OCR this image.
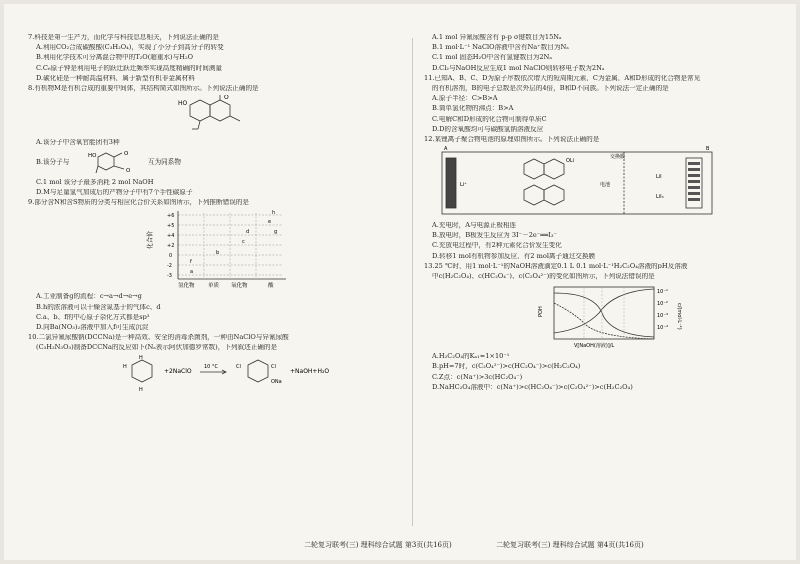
7.科技是第一生产力，而化学与科技息息相关，下列说法正确的是
A.利用CO₂合成碳酸酸(C₃H₂O₄)，实现了小分子到高分子的转变
B.利用化学技术可分离混合物中的T₂O(超重水)与H₂O
C.C₆原子钟是利用电子的跃迁跃迁频率实现高度精确的时间测量
D.碳化硅是一种耐高温材料，属于新型有机非金属材料
8.有机物M是有机合成的重要中间体，其结构简式如图所示。下列说法正确的是
HO
O
A.该分子中含氧官能团有3种
B.该分子与
HO	O
O
互为同系物
C.1 mol 该分子最多消耗 2 mol NaOH
D.M与足量氢气加成后的产物分子中有7个手性碳原子
9.部分含N和含S物质的分类与相应化合价关系如图所示，下列推断错误的是
化合价
+6
+5
+4
+2
0
-2
-3
氢化物 单质 氧化物	酸
a
b
c
d
e
f
g
h
A.工业制备g的流程：c→a→d→e→g
B.h的浓溶液可以干燥含氮基于的气体c、d
C.a、b、f的中心原子杂化方式都是sp³
D.向Ba(NO₃)₂溶液中加入f可生成沉淀
10.二氯异氰尿酸钠(DCCNa)是一种高效、安全的消毒杀菌剂，一种由NaClO与异氰尿酸
(C₃H₃N₃O₃)制备DCCNa的反应如下(Nₐ表示阿伏加德罗常数)，下列叙述正确的是
H
H
H
+2NaClO
10 °C	Cl	Cl
ONa
+NaOH+H₂O
A.1 mol 异氰尿酸含有 p-p σ键数目为15Nₐ
B.1 mol·L⁻¹ NaClO溶液中含有Na⁺数目为Nₐ
C.1 mol 固态H₂O中含有氢键数目为2Nₐ
D.Cl₂与NaOH反应生成1 mol NaClO则转移电子数为2Nₐ
11.已知A、B、C、D为原子序数依次增大的短周期元素，C为金属，A和D形成的化合物是常见
的有机溶剂，B的电子总数是次外层的4倍，B和D不同族。下列说法一定正确的是
A.原子半径：C>B>A
B.简单氢化物的沸点：B>A
C.电解C和D形成的化合物可制得单质C
D.D的含氧酸均可与碳酸氢钠溶液反应
12.某锂离子聚合物电池的原理如图所示。下列说法正确的是
A	B
交换膜
OLi
Li⁺	电池
LiI
LiI₃
A.充电时，A与电源正极相连
B.放电时，B极发生反应为 3I⁻－2e⁻══I₃⁻
C.充放电过程中，有2种元素化合价发生变化
D.转移1 mol有机物参加反应，有2 mol离子通过交换膜
13.25 ℃时，用1 mol·L⁻¹的NaOH溶液滴定0.1 L 0.1 mol·L⁻¹H₂C₂O₄溶液的pH及溶液
中c(H₂C₂O₄)、c(HC₂O₄⁻)、c(C₂O₄²⁻)的变化如图所示，下列说法错误的是
POH	c/(mol·L⁻¹)
10⁻¹
10⁻²
10⁻³
10⁻⁴
V[NaOH(溶液)]/L
A.H₂C₂O₄的Kₐ₁≈1×10⁻¹
B.pH=7时，c(C₂O₄²⁻)>c(HC₂O₄⁻)>c(H₂C₂O₄)
C.Z点：c(Na⁺)>3c(HC₂O₄⁻)
D.NaHC₂O₄溶液中：c(Na⁺)>c(HC₂O₄⁻)>c(C₂O₄²⁻)>c(H₂C₂O₄)
二轮复习联考(三) 理科综合试题 第3页(共16页)	二轮复习联考(三) 理科综合试题 第4页(共16页)
